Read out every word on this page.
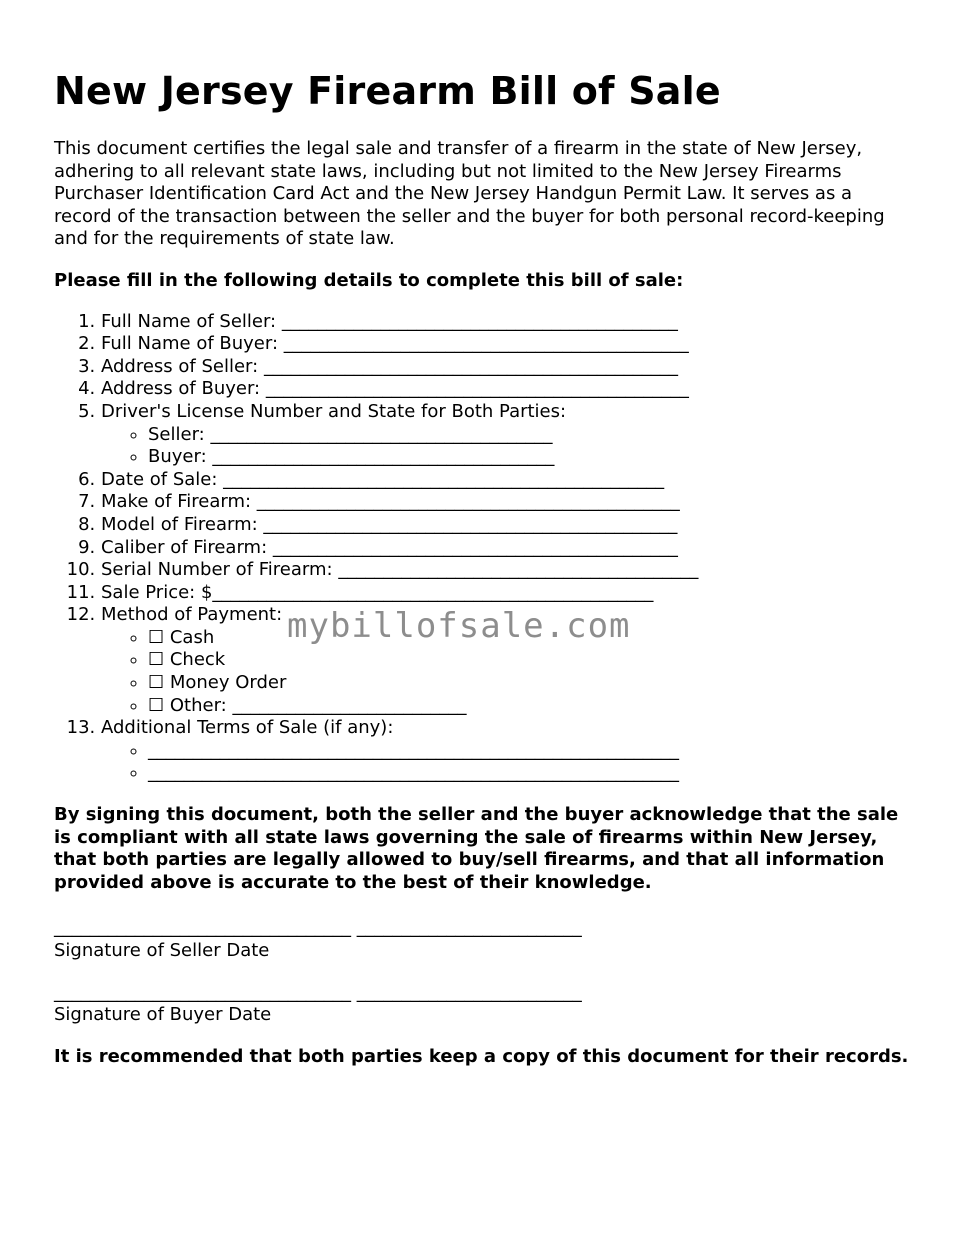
New Jersey Firearm Bill of Sale

This document certifies the legal sale and transfer of a firearm in the state of New Jersey, adhering to all relevant state laws, including but not limited to the New Jersey Firearms Purchaser Identification Card Act and the New Jersey Handgun Permit Law. It serves as a record of the transaction between the seller and the buyer for both personal record-keeping and for the requirements of state law.

Please fill in the following details to complete this bill of sale:

1. Full Name of Seller: ____________________________________________
2. Full Name of Buyer: _____________________________________________
3. Address of Seller: ______________________________________________
4. Address of Buyer: _______________________________________________
5. Driver's License Number and State for Both Parties:
◦ Seller: ______________________________________
◦ Buyer: ______________________________________
6. Date of Sale: _________________________________________________
7. Make of Firearm: _______________________________________________
8. Model of Firearm: ______________________________________________
9. Caliber of Firearm: _____________________________________________
10. Serial Number of Firearm: ________________________________________
11. Sale Price: $_________________________________________________
12. Method of Payment:
◦ ☐ Cash
◦ ☐ Check
◦ ☐ Money Order
◦ ☐ Other: __________________________
13. Additional Terms of Sale (if any):
◦ ___________________________________________________________
◦ ___________________________________________________________

By signing this document, both the seller and the buyer acknowledge that the sale is compliant with all state laws governing the sale of firearms within New Jersey, that both parties are legally allowed to buy/sell firearms, and that all information provided above is accurate to the best of their knowledge.

_________________________________ _________________________
Signature of Seller Date
_________________________________ _________________________
Signature of Buyer Date

It is recommended that both parties keep a copy of this document for their records.

mybillofsale.com
